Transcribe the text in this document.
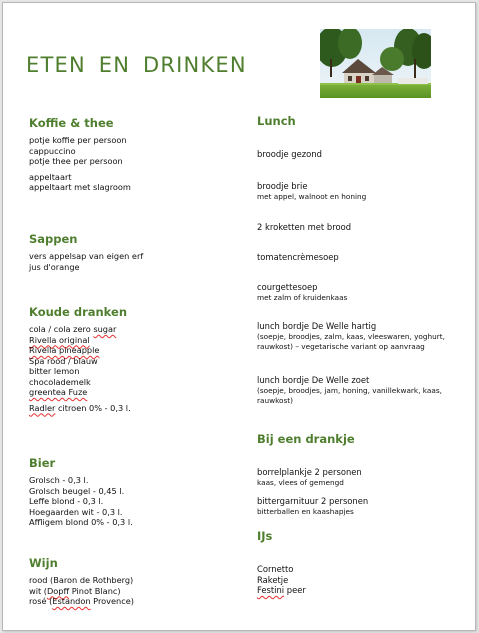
ETEN EN DRINKEN
Koffie & thee
potje koffie per persoon
cappuccino
potje thee per persoon
appeltaart
appeltaart met slagroom
Sappen
vers appelsap van eigen erf
jus d'orange
Koude dranken
cola / cola zero sugar
Rivella original
Rivella pineapple
Spa rood / blauw
bitter lemon
chocolademelk
greentea Fuze
Radler citroen 0% - 0,3 l.
Bier
Grolsch - 0,3 l.
Grolsch beugel - 0,45 l.
Leffe blond - 0,3 l.
Hoegaarden wit - 0,3 l.
Affligem blond 0% - 0,3 l.
Wijn
rood (Baron de Rothberg)
wit (Dopff Pinot Blanc)
rosé (Estandon Provence)
Lunch
broodje gezond
broodje brie
met appel, walnoot en honing
2 kroketten met brood
tomatencrèmesoep
courgettesoep
met zalm of kruidenkaas
lunch bordje De Welle hartig
(soepje, broodjes, zalm, kaas, vleeswaren, yoghurt, rauwkost) – vegetarische variant op aanvraag
lunch bordje De Welle zoet
(soepje, broodjes, jam, honing, vanillekwark, kaas, rauwkost)
Bij een drankje
borrelplankje 2 personen
kaas, vlees of gemengd
bittergarnituur 2 personen
bitterballen en kaashapjes
IJs
Cornetto
Raketje
Festini peer
